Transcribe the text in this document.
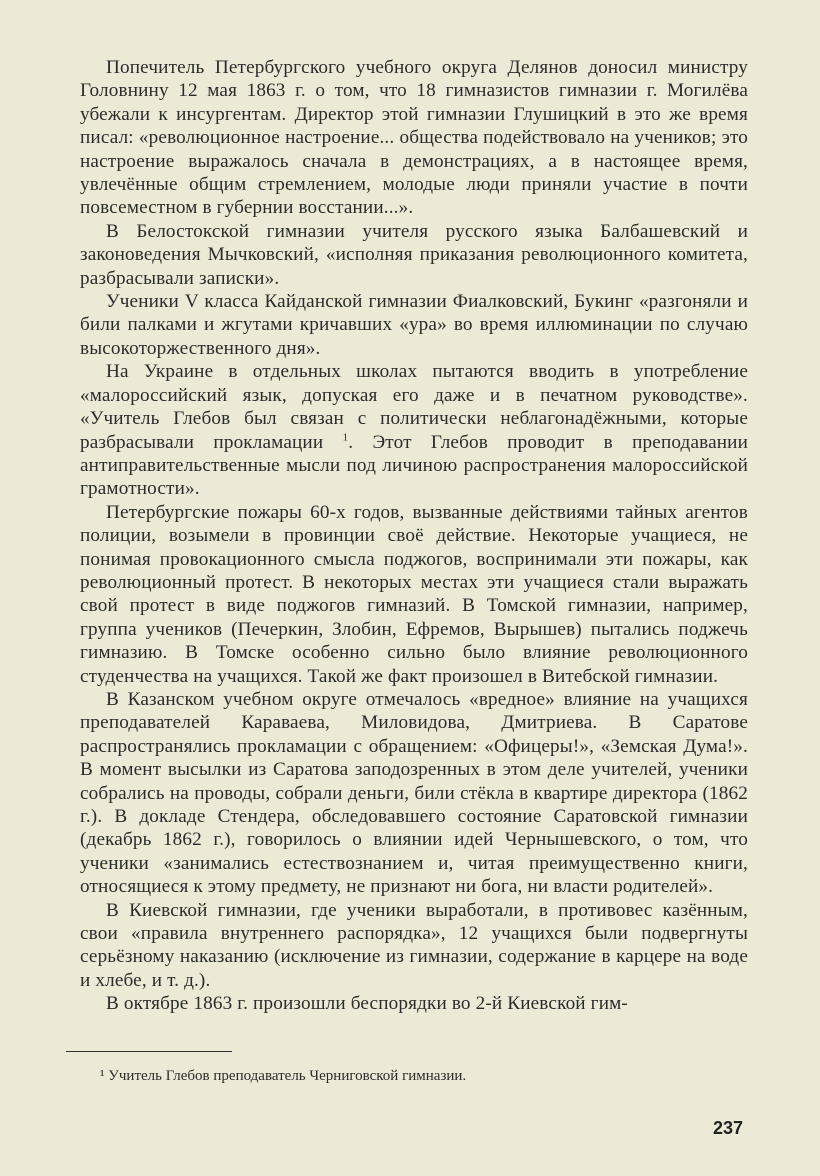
Попечитель Петербургского учебного округа Делянов доносил министру Головнину 12 мая 1863 г. о том, что 18 гимназистов гимназии г. Могилёва убежали к инсургентам. Директор этой гимназии Глушицкий в это же время писал: «революционное настроение... общества подействовало на учеников; это настроение выражалось сначала в демонстрациях, а в настоящее время, увлечённые общим стремлением, молодые люди приняли участие в почти повсеместном в губернии восстании...».

В Белостокской гимназии учителя русского языка Балбашевский и законоведения Мычковский, «исполняя приказания революционного комитета, разбрасывали записки».

Ученики V класса Кайданской гимназии Фиалковский, Букинг «разгоняли и били палками и жгутами кричавших «ура» во время иллюминации по случаю высокоторжественного дня».

На Украине в отдельных школах пытаются вводить в употребление «малороссийский язык, допуская его даже и в печатном руководстве». «Учитель Глебов был связан с политически неблагонадёжными, которые разбрасывали прокламации $^1$. Этот Глебов проводит в преподавании антиправительственные мысли под личиною распространения малороссийской грамотности».

Петербургские пожары 60-х годов, вызванные действиями тайных агентов полиции, возымели в провинции своё действие. Некоторые учащиеся, не понимая провокационного смысла поджогов, воспринимали эти пожары, как революционный протест. В некоторых местах эти учащиеся стали выражать свой протест в виде поджогов гимназий. В Томской гимназии, например, группа учеников (Печеркин, Злобин, Ефремов, Вырышев) пытались поджечь гимназию. В Томске особенно сильно было влияние революционного студенчества на учащихся. Такой же факт произошел в Витебской гимназии.

В Казанском учебном округе отмечалось «вредное» влияние на учащихся преподавателей Караваева, Миловидова, Дмитриева. В Саратове распространялись прокламации с обращением: «Офицеры!», «Земская Дума!». В момент высылки из Саратова заподозренных в этом деле учителей, ученики собрались на проводы, собрали деньги, били стёкла в квартире директора (1862 г.). В докладе Стендера, обследовавшего состояние Саратовской гимназии (декабрь 1862 г.), говорилось о влиянии идей Чернышевского, о том, что ученики «занимались естествознанием и, читая преимущественно книги, относящиеся к этому предмету, не признают ни бога, ни власти родителей».

В Киевской гимназии, где ученики выработали, в противовес казённым, свои «правила внутреннего распорядка», 12 учащихся были подвергнуты серьёзному наказанию (исключение из гимназии, содержание в карцере на воде и хлебе, и т. д.).

В октябре 1863 г. произошли беспорядки во 2-й Киевской гим-

¹ Учитель Глебов преподаватель Черниговской гимназии.
237
